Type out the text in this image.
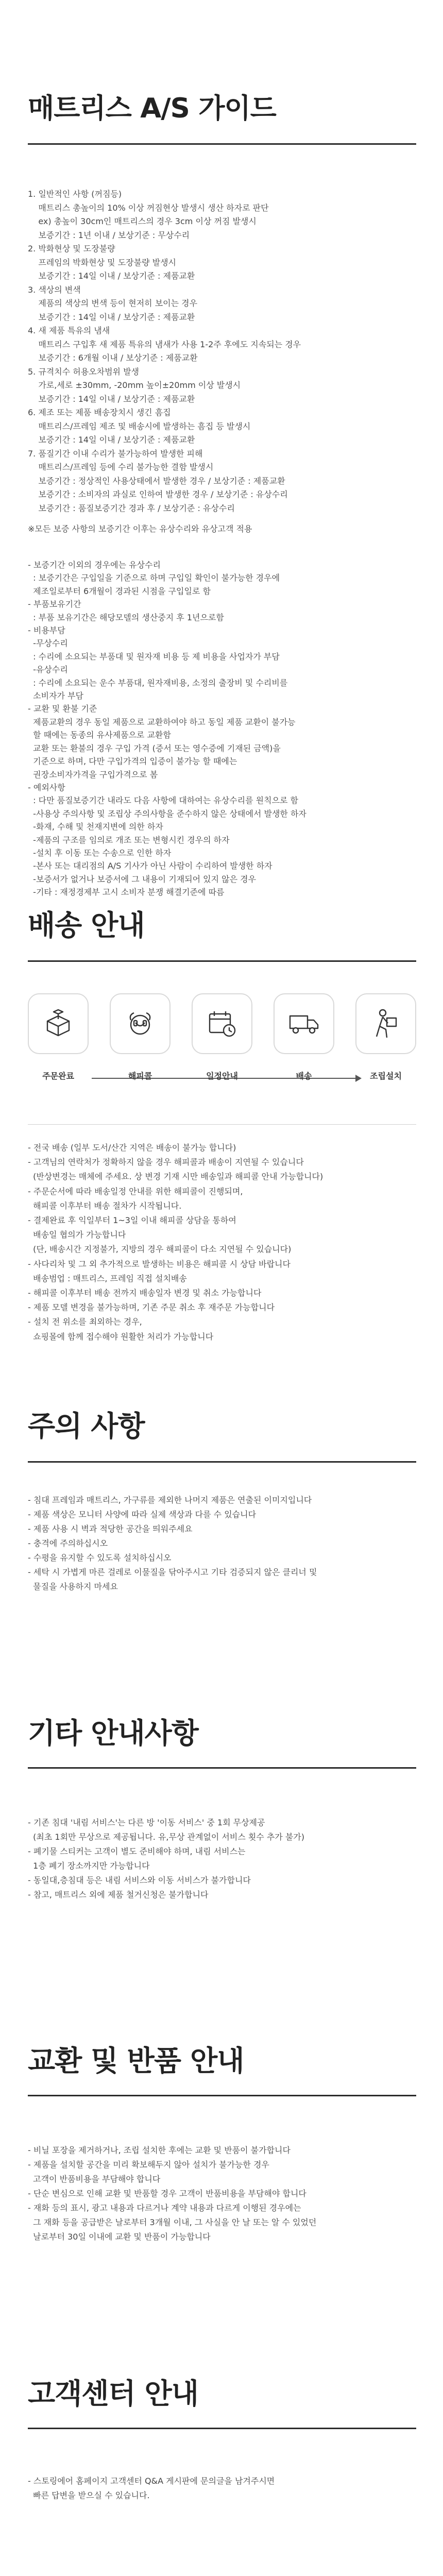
매트리스 A/S 가이드
1. 일반적인 사항 (꺼짐등)
매트리스 총높이의 10% 이상 꺼짐현상 발생시 생산 하자로 판단
ex) 총높이 30cm인 매트리스의 경우 3cm 이상 꺼짐 발생시
보증기간 : 1년 이내 / 보상기준 : 무상수리
2. 박화현상 및 도장불량
프레임의 박화현상 및 도장불량 발생시
보증기간 : 14일 이내 / 보상기준 : 제품교환
3. 색상의 변색
제품의 색상의 변색 등이 현저히 보이는 경우
보증기간 : 14일 이내 / 보상기준 : 제품교환
4. 새 제품 특유의 냄새
매트리스 구입후 새 제품 특유의 냄새가 사용 1-2주 후에도 지속되는 경우
보증기간 : 6개월 이내 / 보상기준 : 제품교환
5. 규격치수 허용오차범위 발생
가로,세로 ±30mm, -20mm 높이±20mm 이상 발생시
보증기간 : 14일 이내 / 보상기준 : 제품교환
6. 제조 또는 제품 배송장치시 생긴 흠집
매트리스/프레임 제조 및 배송시에 발생하는 흠집 등 발생시
보증기간 : 14일 이내 / 보상기준 : 제품교환
7. 품질기간 이내 수리가 불가능하여 발생한 피해
매트리스/프레임 등에 수리 불가능한 결함 발생시
보증기간 : 정상적인 사용상태에서 발생한 경우 / 보상기준 : 제품교환
보증기간 : 소비자의 과실로 인하여 발생한 경우 / 보상기준 : 유상수리
보증기간 : 품질보증기간 경과 후 / 보상기준 : 유상수리
※모든 보증 사항의 보증기간 이후는 유상수리와 유상고객 적용
- 보증기간 이외의 경우에는 유상수리
: 보증기간은 구입일을 기준으로 하며 구입일 확인이 불가능한 경우에
제조일로부터 6개월이 경과된 시점을 구입일로 함
- 부품보유기간
: 부품 보유기간은 해당모델의 생산중지 후 1년으로함
- 비용부담
-무상수리
: 수리에 소요되는 부품대 및 원자재 비용 등 제 비용을 사업자가 부담
-유상수리
: 수리에 소요되는 운수 부품대, 원자재비용, 소정의 출장비 및 수리비를
소비자가 부담
- 교환 및 환불 기준
제품교환의 경우 동일 제품으로 교환하여야 하고 동일 제품 교환이 불가능
할 때에는 동종의 유사제품으로 교환함
교환 또는 환불의 경우 구입 가격 (증서 또는 영수증에 기재된 금액)을
기준으로 하며, 다만 구입가격의 입증이 불가능 할 때에는
권장소비자가격을 구입가격으로 봄
- 예외사항
: 다만 품질보증기간 내라도 다음 사항에 대하여는 유상수리를 원칙으로 함
-사용상 주의사항 및 조립상 주의사항을 준수하지 않은 상태에서 발생한 하자
-화재, 수해 및 천재지변에 의한 하자
-제품의 구조를 임의로 개조 또는 변형시킨 경우의 하자
-설치 후 이동 또는 수송으로 인한 하자
-본사 또는 대리점의 A/S 기사가 아닌 사람이 수리하여 발생한 하자
-보증서가 없거나 보증서에 그 내용이 기재되어 있지 않은 경우
-기타 : 재정경제부 고시 소비자 분쟁 해결기준에 따름
배송 안내
주문완료	해피콜	일정안내	배송	조립설치
- 전국 배송 (일부 도서/산간 지역은 배송이 불가능 합니다)
- 고객님의 연락처가 정확하지 않을 경우 해피콜과 배송이 지연될 수 있습니다
(반상변경는 매체에 주세요. 상 변경 기재 시만 배송일과 해피콜 안내 가능합니다)
- 주문순서에 따라 배송일정 안내를 위한 해피콜이 진행되며,
해피콜 이후부터 배송 절차가 시작됩니다.
- 결제완료 후 익일부터 1~3일 이내 해피콜 상담을 통하여
배송일 협의가 가능합니다
(단, 배송시간 지정불가, 지방의 경우 해피콜이 다소 지연될 수 있습니다)
- 사다리차 및 그 외 추가적으로 발생하는 비용은 해피콜 시 상담 바랍니다
배송범업 : 매트리스, 프레임 직접 설치배송
- 해피콜 이후부터 배송 전까지 배송일자 변경 및 취소 가능합니다
- 제품 모델 변경을 불가능하며, 기존 주문 취소 후 재주문 가능합니다
- 설치 전 위소를 최외하는 경우,
쇼핑몰에 함께 접수해야 원활한 처리가 가능합니다
주의 사항
- 침대 프레임과 매트리스, 가구류를 제외한 나머지 제품은 연출된 이미지입니다
- 제품 색상은 모니터 사양에 따라 실제 색상과 다를 수 있습니다
- 제품 사용 시 벽과 적당한 공간을 띄워주세요
- 충격에 주의하십시오
- 수평을 유지할 수 있도록 설치하십시오
- 세탁 시 가볍게 마른 걸레로 이물질을 닦아주시고 기타 검증되지 않은 클리너 및
물질을 사용하지 마세요
기타 안내사항
- 기존 침대 '내림 서비스'는 다른 방 '이동 서비스' 중 1회 무상제공
(최초 1회만 무상으로 제공됩니다. 유,무상 관계없이 서비스 횟수 추가 불가)
- 폐기물 스티커는 고객이 별도 준비해야 하며, 내림 서비스는
1층 폐기 장소까지만 가능합니다
- 동일대,층침대 등은 내림 서비스와 이동 서비스가 불가합니다
- 참고, 매트리스 외에 제품 철거신청은 불가합니다
교환 및 반품 안내
- 비닐 포장을 제거하거나, 조립 설치한 후에는 교환 및 반품이 불가합니다
- 제품을 설치할 공간을 미리 확보해두지 않아 설치가 불가능한 경우
고객이 반품비용을 부담해야 합니다
- 단순 변심으로 인해 교환 및 반품할 경우 고객이 반품비용을 부담해야 합니다
- 재화 등의 표시, 광고 내용과 다르거나 계약 내용과 다르게 이행된 경우에는
그 재화 등을 공급받은 날로부터 3개월 이내, 그 사실을 안 날 또는 알 수 있었던
날로부터 30일 이내에 교환 및 반품이 가능합니다
고객센터 안내
- 스토링에어 홈페이지 고객센터 Q&A 게시판에 문의글을 남겨주시면
빠른 답변을 받으실 수 있습니다.
